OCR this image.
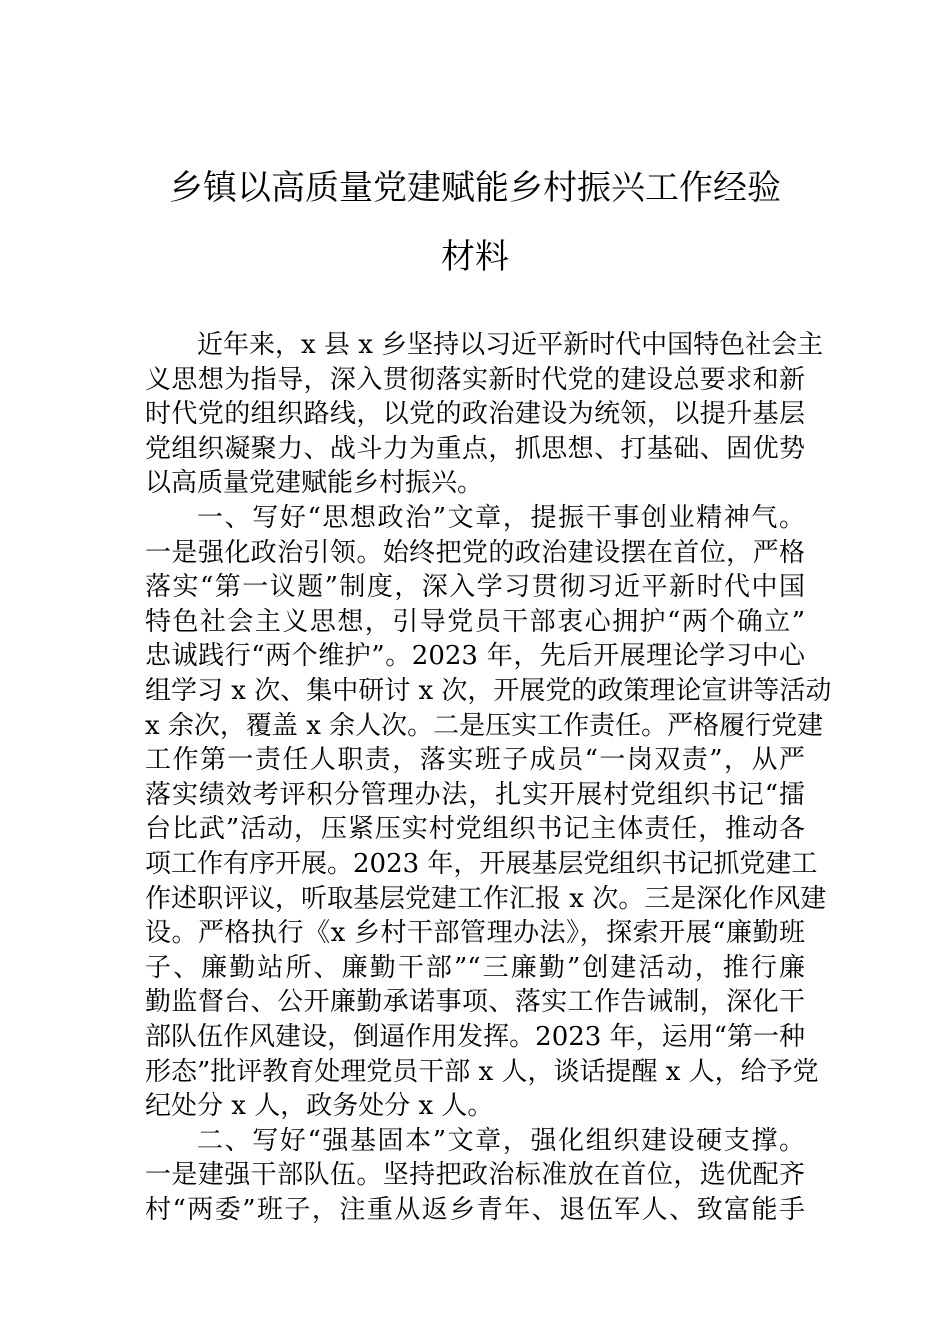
乡镇以高质量党建赋能乡村振兴工作经验
材料
近年来，x 县 x 乡坚持以习近平新时代中国特色社会主
义思想为指导，深入贯彻落实新时代党的建设总要求和新
时代党的组织路线，以党的政治建设为统领，以提升基层
党组织凝聚力、战斗力为重点，抓思想、打基础、固优势
以高质量党建赋能乡村振兴。
一、写好“思想政治”文章，提振干事创业精神气。
一是强化政治引领。始终把党的政治建设摆在首位，严格
落实“第一议题”制度，深入学习贯彻习近平新时代中国
特色社会主义思想，引导党员干部衷心拥护“两个确立”
忠诚践行“两个维护”。2023 年，先后开展理论学习中心
组学习 x 次、集中研讨 x 次，开展党的政策理论宣讲等活动
x 余次，覆盖 x 余人次。二是压实工作责任。严格履行党建
工作第一责任人职责，落实班子成员“一岗双责”，从严
落实绩效考评积分管理办法，扎实开展村党组织书记“擂
台比武”活动，压紧压实村党组织书记主体责任，推动各
项工作有序开展。2023 年，开展基层党组织书记抓党建工
作述职评议，听取基层党建工作汇报 x 次。三是深化作风建
设。严格执行《x 乡村干部管理办法》，探索开展“廉勤班
子、廉勤站所、廉勤干部”“三廉勤”创建活动，推行廉
勤监督台、公开廉勤承诺事项、落实工作告诫制，深化干
部队伍作风建设，倒逼作用发挥。2023 年，运用“第一种
形态”批评教育处理党员干部 x 人，谈话提醒 x 人，给予党
纪处分 x 人，政务处分 x 人。
二、写好“强基固本”文章，强化组织建设硬支撑。
一是建强干部队伍。坚持把政治标准放在首位，选优配齐
村“两委”班子，注重从返乡青年、退伍军人、致富能手
